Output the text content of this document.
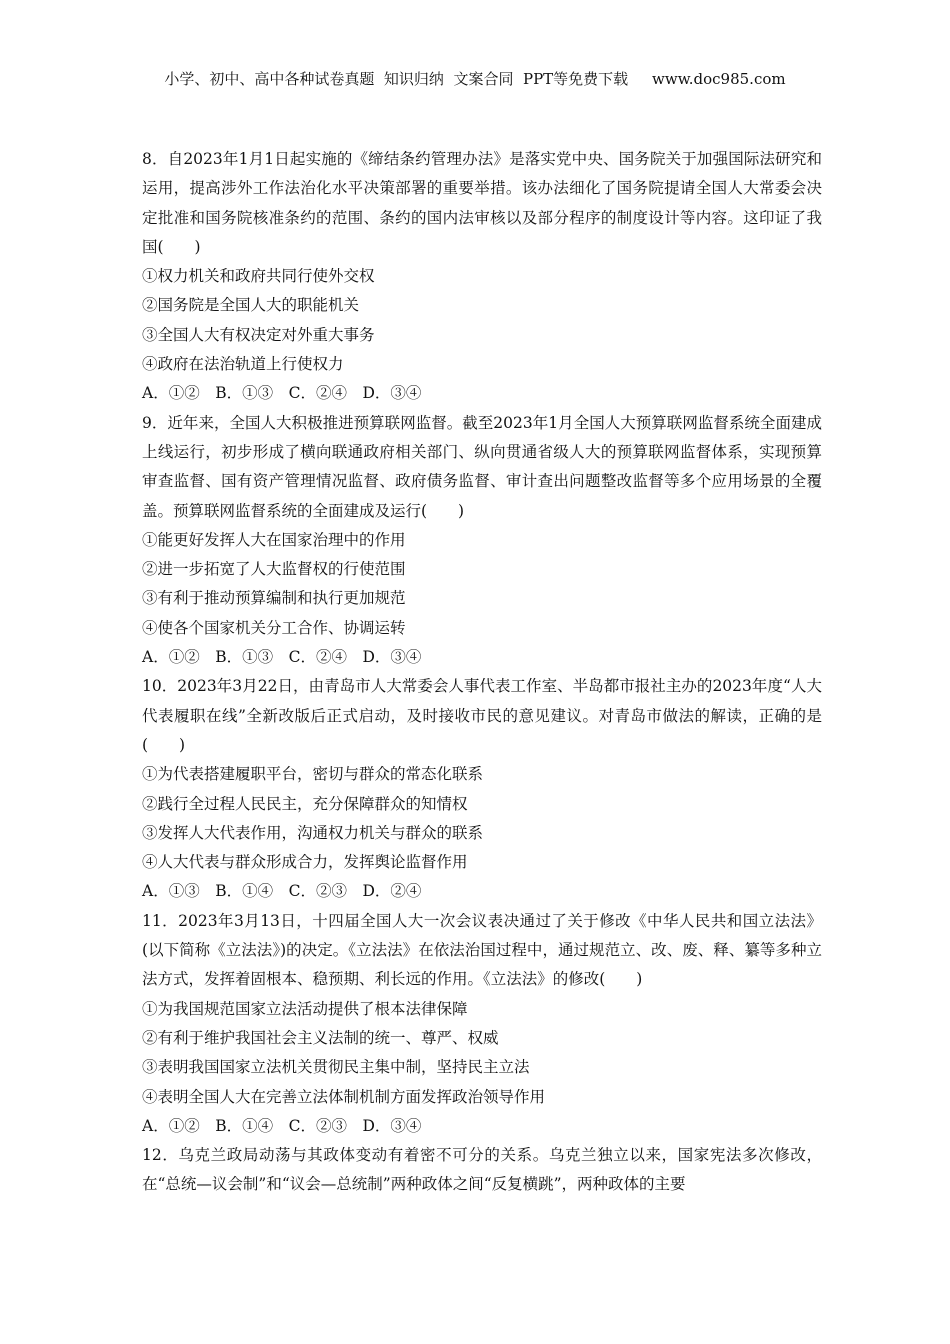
小学、初中、高中各种试卷真题  知识归纳  文案合同  PPT等免费下载     www.doc985.com
8．自2023年1月1日起实施的《缔结条约管理办法》是落实党中央、国务院关于加强国际法研究和运用，提高涉外工作法治化水平决策部署的重要举措。该办法细化了国务院提请全国人大常委会决定批准和国务院核准条约的范围、条约的国内法审核以及部分程序的制度设计等内容。这印证了我国(　　)
①权力机关和政府共同行使外交权
②国务院是全国人大的职能机关
③全国人大有权决定对外重大事务
④政府在法治轨道上行使权力
A．①②　B．①③　C．②④　D．③④
9．近年来，全国人大积极推进预算联网监督。截至2023年1月全国人大预算联网监督系统全面建成上线运行，初步形成了横向联通政府相关部门、纵向贯通省级人大的预算联网监督体系，实现预算审查监督、国有资产管理情况监督、政府债务监督、审计查出问题整改监督等多个应用场景的全覆盖。预算联网监督系统的全面建成及运行(　　)
①能更好发挥人大在国家治理中的作用
②进一步拓宽了人大监督权的行使范围
③有利于推动预算编制和执行更加规范
④使各个国家机关分工合作、协调运转
A．①②　B．①③　C．②④　D．③④
10．2023年3月22日，由青岛市人大常委会人事代表工作室、半岛都市报社主办的2023年度“人大代表履职在线”全新改版后正式启动，及时接收市民的意见建议。对青岛市做法的解读，正确的是(　　)
①为代表搭建履职平台，密切与群众的常态化联系
②践行全过程人民民主，充分保障群众的知情权
③发挥人大代表作用，沟通权力机关与群众的联系
④人大代表与群众形成合力，发挥舆论监督作用
A．①③　B．①④　C．②③　D．②④
11．2023年3月13日，十四届全国人大一次会议表决通过了关于修改《中华人民共和国立法法》(以下简称《立法法》)的决定。《立法法》在依法治国过程中，通过规范立、改、废、释、纂等多种立法方式，发挥着固根本、稳预期、利长远的作用。《立法法》的修改(　　)
①为我国规范国家立法活动提供了根本法律保障
②有利于维护我国社会主义法制的统一、尊严、权威
③表明我国国家立法机关贯彻民主集中制，坚持民主立法
④表明全国人大在完善立法体制机制方面发挥政治领导作用
A．①②　B．①④　C．②③　D．③④
12．乌克兰政局动荡与其政体变动有着密不可分的关系。乌克兰独立以来，国家宪法多次修改，在“总统—议会制”和“议会—总统制”两种政体之间“反复横跳”，两种政体的主要
